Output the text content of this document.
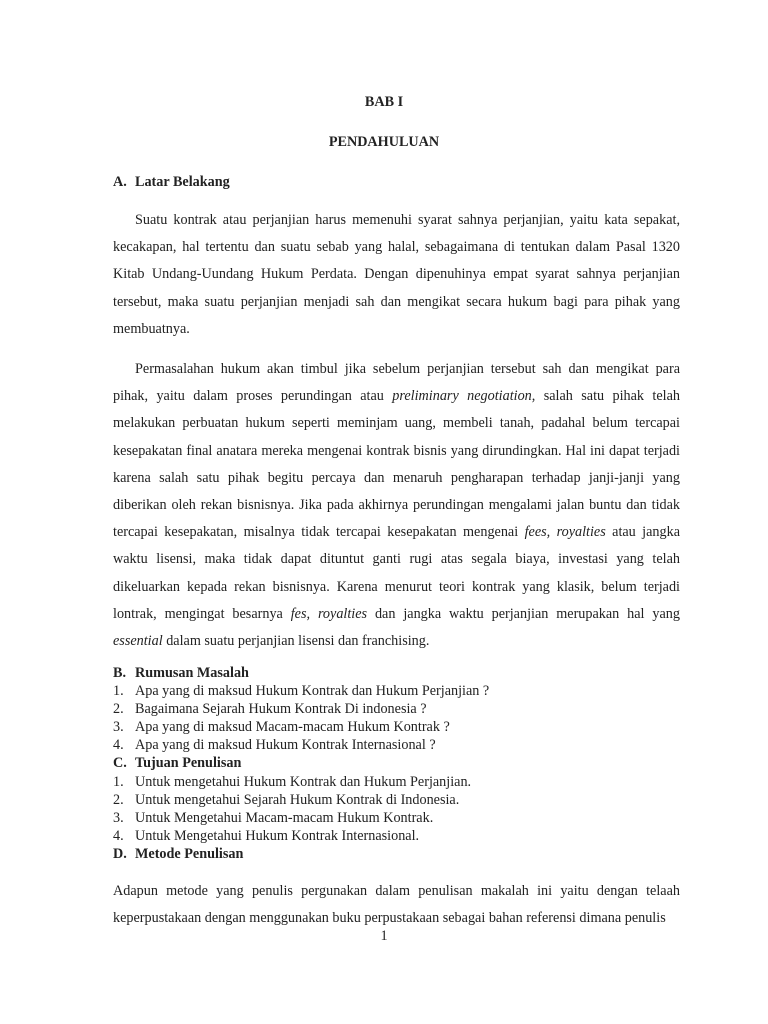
BAB I
PENDAHULUAN
A. Latar Belakang

Suatu kontrak atau perjanjian harus memenuhi syarat sahnya perjanjian, yaitu kata sepakat, kecakapan, hal tertentu dan suatu sebab yang halal, sebagaimana di tentukan dalam Pasal 1320 Kitab Undang-Uundang Hukum Perdata. Dengan dipenuhinya empat syarat sahnya perjanjian tersebut, maka suatu perjanjian menjadi sah dan mengikat secara hukum bagi para pihak yang membuatnya.

Permasalahan hukum akan timbul jika sebelum perjanjian tersebut sah dan mengikat para pihak, yaitu dalam proses perundingan atau preliminary negotiation, salah satu pihak telah melakukan perbuatan hukum seperti meminjam uang, membeli tanah, padahal belum tercapai kesepakatan final anatara mereka mengenai kontrak bisnis yang dirundingkan. Hal ini dapat terjadi karena salah satu pihak begitu percaya dan menaruh pengharapan terhadap janji-janji yang diberikan oleh rekan bisnisnya. Jika pada akhirnya perundingan mengalami jalan buntu dan tidak tercapai kesepakatan, misalnya tidak tercapai kesepakatan mengenai fees, royalties atau jangka waktu lisensi, maka tidak dapat dituntut ganti rugi atas segala biaya, investasi yang telah dikeluarkan kepada rekan bisnisnya. Karena menurut teori kontrak yang klasik, belum terjadi lontrak, mengingat besarnya fes, royalties dan jangka waktu perjanjian merupakan hal yang essential dalam suatu perjanjian lisensi dan franchising.

B. Rumusan Masalah
1. Apa yang di maksud Hukum Kontrak dan Hukum Perjanjian ?
2. Bagaimana Sejarah Hukum Kontrak Di indonesia ?
3. Apa yang di maksud Macam-macam Hukum Kontrak ?
4. Apa yang di maksud Hukum Kontrak Internasional ?
C. Tujuan Penulisan
1. Untuk mengetahui Hukum Kontrak dan Hukum Perjanjian.
2. Untuk mengetahui Sejarah Hukum Kontrak di Indonesia.
3. Untuk Mengetahui Macam-macam Hukum Kontrak.
4. Untuk Mengetahui Hukum Kontrak Internasional.
D. Metode Penulisan

Adapun metode yang penulis pergunakan dalam penulisan makalah ini yaitu dengan telaah keperpustakaan dengan menggunakan buku perpustakaan sebagai bahan referensi dimana penulis

1
